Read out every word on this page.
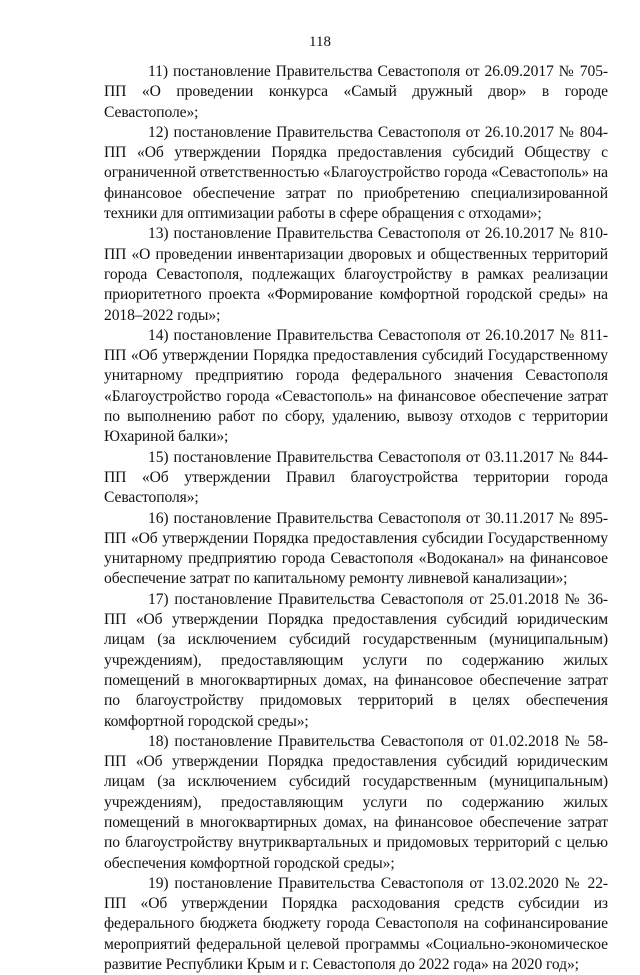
118

11) постановление Правительства Севастополя от 26.09.2017 № 705-ПП «О проведении конкурса «Самый дружный двор» в городе Севастополе»;

12) постановление Правительства Севастополя от 26.10.2017 № 804-ПП «Об утверждении Порядка предоставления субсидий Обществу с ограниченной ответственностью «Благоустройство города «Севастополь» на финансовое обеспечение затрат по приобретению специализированной техники для оптимизации работы в сфере обращения с отходами»;

13) постановление Правительства Севастополя от 26.10.2017 № 810-ПП «О проведении инвентаризации дворовых и общественных территорий города Севастополя, подлежащих благоустройству в рамках реализации приоритетного проекта «Формирование комфортной городской среды» на 2018–2022 годы»;

14) постановление Правительства Севастополя от 26.10.2017 № 811-ПП «Об утверждении Порядка предоставления субсидий Государственному унитарному предприятию города федерального значения Севастополя «Благоустройство города «Севастополь» на финансовое обеспечение затрат по выполнению работ по сбору, удалению, вывозу отходов с территории Юхариной балки»;

15) постановление Правительства Севастополя от 03.11.2017 № 844-ПП «Об утверждении Правил благоустройства территории города Севастополя»;

16) постановление Правительства Севастополя от 30.11.2017 № 895-ПП «Об утверждении Порядка предоставления субсидии Государственному унитарному предприятию города Севастополя «Водоканал» на финансовое обеспечение затрат по капитальному ремонту ливневой канализации»;

17) постановление Правительства Севастополя от 25.01.2018 № 36-ПП «Об утверждении Порядка предоставления субсидий юридическим лицам (за исключением субсидий государственным (муниципальным) учреждениям), предоставляющим услуги по содержанию жилых помещений в многоквартирных домах, на финансовое обеспечение затрат по благоустройству придомовых территорий в целях обеспечения комфортной городской среды»;

18) постановление Правительства Севастополя от 01.02.2018 № 58-ПП «Об утверждении Порядка предоставления субсидий юридическим лицам (за исключением субсидий государственным (муниципальным) учреждениям), предоставляющим услуги по содержанию жилых помещений в многоквартирных домах, на финансовое обеспечение затрат по благоустройству внутриквартальных и придомовых территорий с целью обеспечения комфортной городской среды»;

19) постановление Правительства Севастополя от 13.02.2020 № 22-ПП «Об утверждении Порядка расходования средств субсидии из федерального бюджета бюджету города Севастополя на софинансирование мероприятий федеральной целевой программы «Социально-экономическое развитие Республики Крым и г. Севастополя до 2022 года» на 2020 год»;
